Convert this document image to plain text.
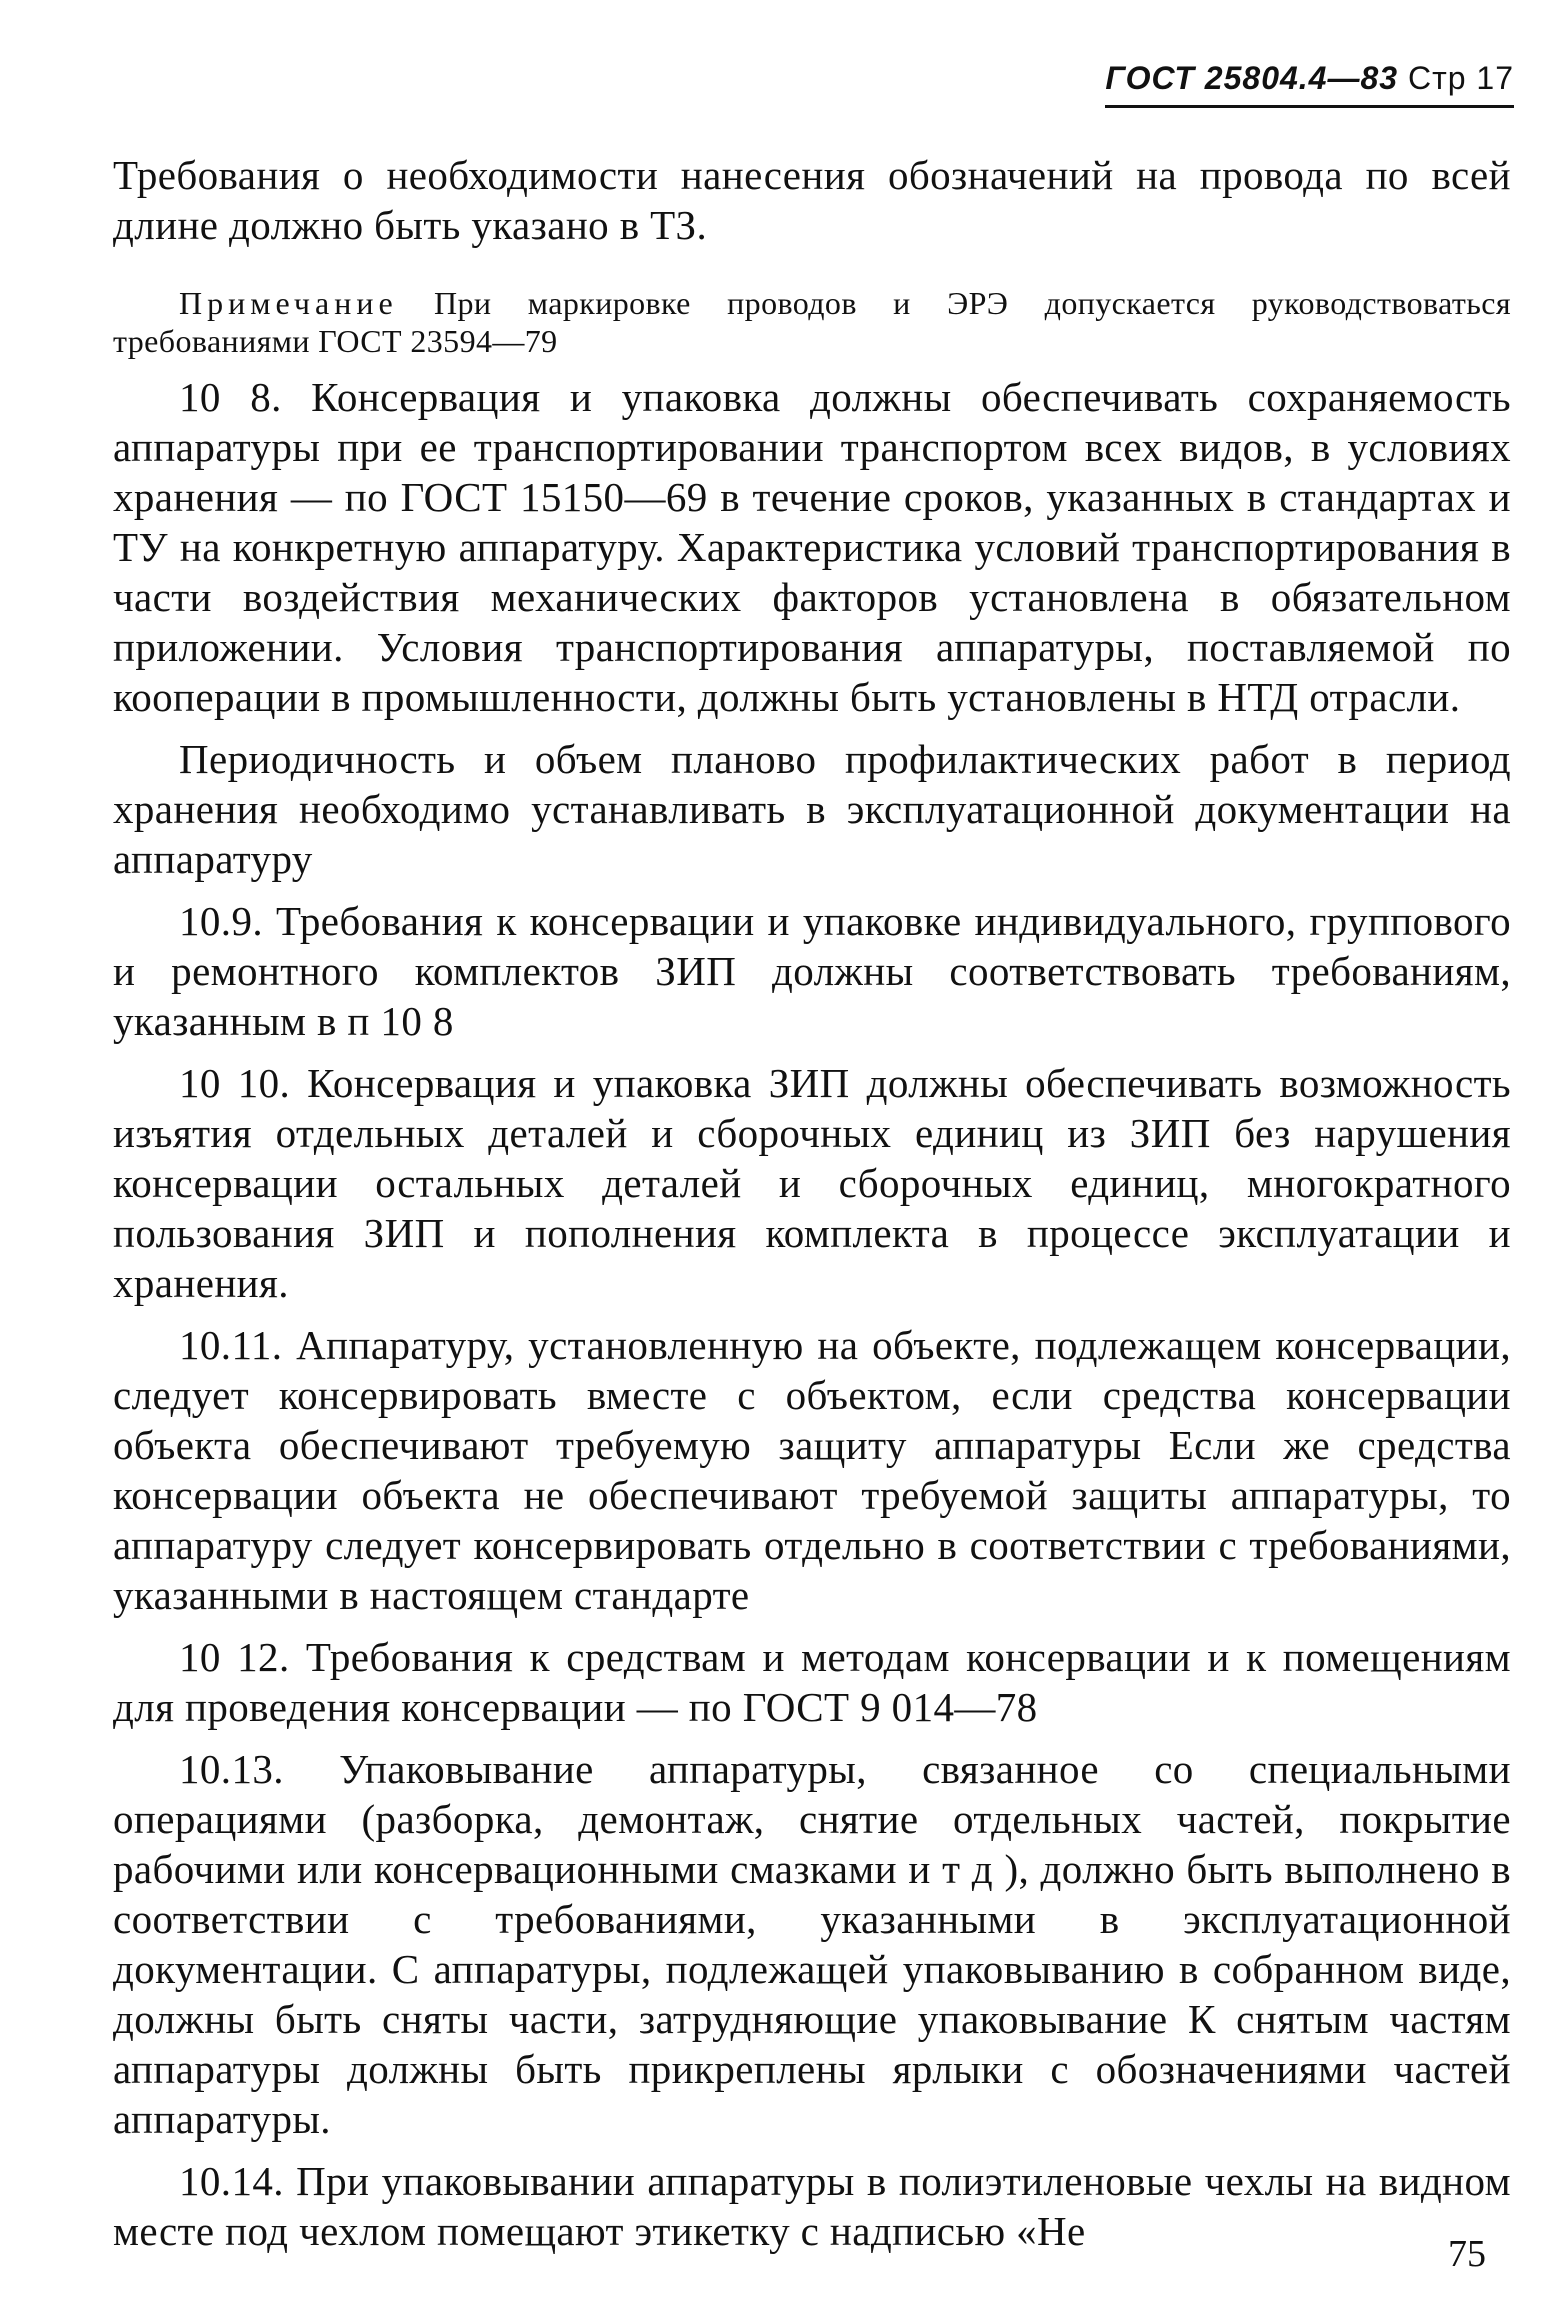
ГОСТ 25804.4—83 Стр 17

Требования о необходимости нанесения обозначений на провода по всей длине должно быть указано в ТЗ.

Примечание При маркировке проводов и ЭРЭ допускается руководствоваться требованиями ГОСТ 23594—79

10 8. Консервация и упаковка должны обеспечивать сохраняемость аппаратуры при ее транспортировании транспортом всех видов, в условиях хранения — по ГОСТ 15150—69 в течение сроков, указанных в стандартах и ТУ на конкретную аппаратуру. Характеристика условий транспортирования в части воздействия механических факторов установлена в обязательном приложении. Условия транспортирования аппаратуры, поставляемой по кооперации в промышленности, должны быть установлены в НТД отрасли.

Периодичность и объем планово профилактических работ в период хранения необходимо устанавливать в эксплуатационной документации на аппаратуру

10.9. Требования к консервации и упаковке индивидуального, группового и ремонтного комплектов ЗИП должны соответствовать требованиям, указанным в п 10 8

10 10. Консервация и упаковка ЗИП должны обеспечивать возможность изъятия отдельных деталей и сборочных единиц из ЗИП без нарушения консервации остальных деталей и сборочных единиц, многократного пользования ЗИП и пополнения комплекта в процессе эксплуатации и хранения.

10.11. Аппаратуру, установленную на объекте, подлежащем консервации, следует консервировать вместе с объектом, если средства консервации объекта обеспечивают требуемую защиту аппаратуры Если же средства консервации объекта не обеспечивают требуемой защиты аппаратуры, то аппаратуру следует консервировать отдельно в соответствии с требованиями, указанными в настоящем стандарте

10 12. Требования к средствам и методам консервации и к помещениям для проведения консервации — по ГОСТ 9 014—78

10.13. Упаковывание аппаратуры, связанное со специальными операциями (разборка, демонтаж, снятие отдельных частей, покрытие рабочими или консервационными смазками и т д ), должно быть выполнено в соответствии с требованиями, указанными в эксплуатационной документации. С аппаратуры, подлежащей упаковыванию в собранном виде, должны быть сняты части, затрудняющие упаковывание К снятым частям аппаратуры должны быть прикреплены ярлыки с обозначениями частей аппаратуры.

10.14. При упаковывании аппаратуры в полиэтиленовые чехлы на видном месте под чехлом помещают этикетку с надписью «Не	75
